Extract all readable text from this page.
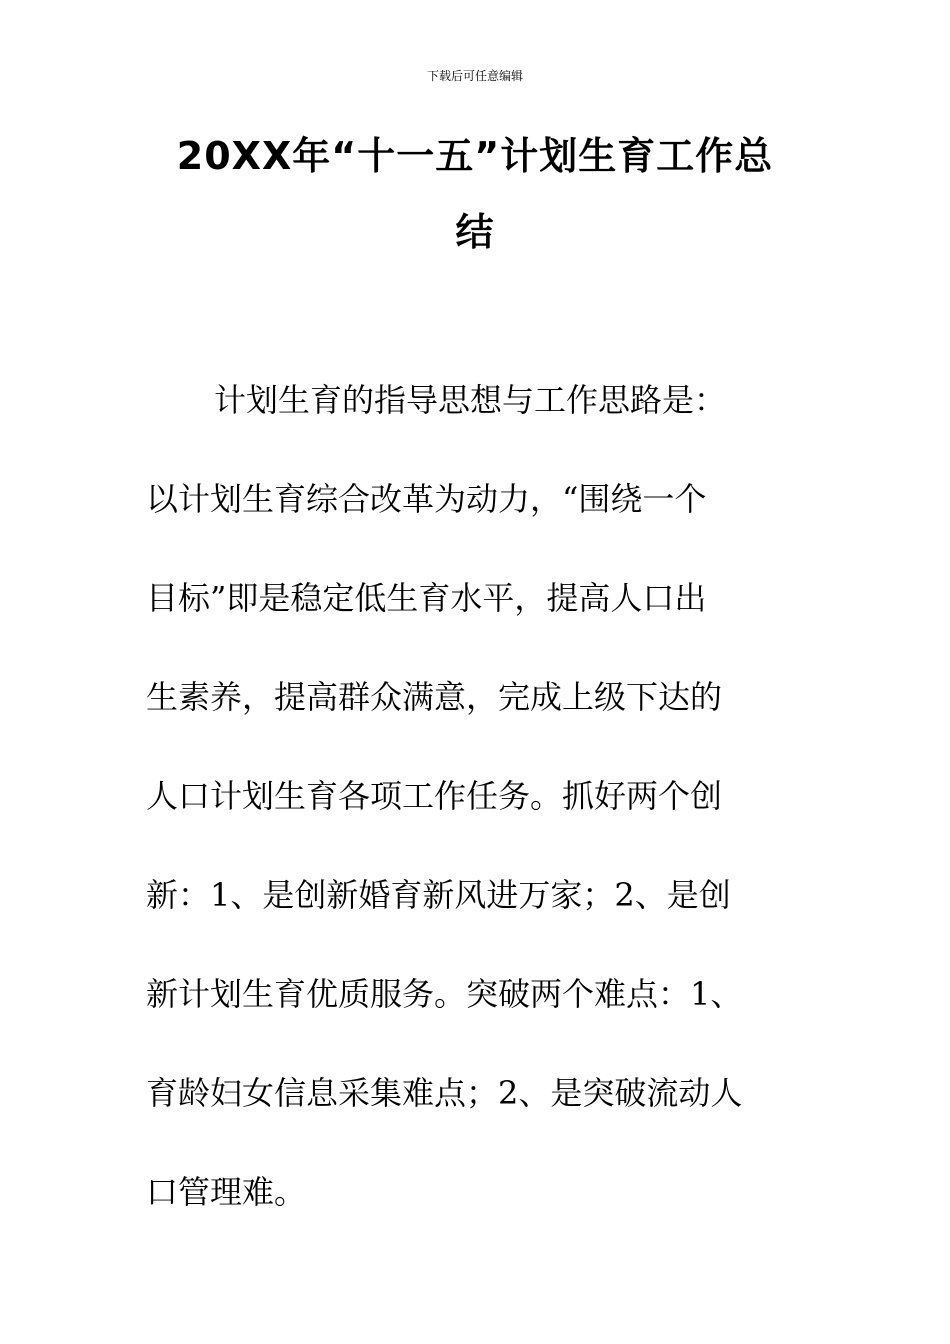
下载后可任意编辑
20XX年“十一五”计划生育工作总
结
计划生育的指导思想与工作思路是：
以计划生育综合改革为动力，“围绕一个
目标”即是稳定低生育水平，提高人口出
生素养，提高群众满意，完成上级下达的
人口计划生育各项工作任务。抓好两个创
新：1、是创新婚育新风进万家；2、是创
新计划生育优质服务。突破两个难点：1、
育龄妇女信息采集难点；2、是突破流动人
口管理难。
